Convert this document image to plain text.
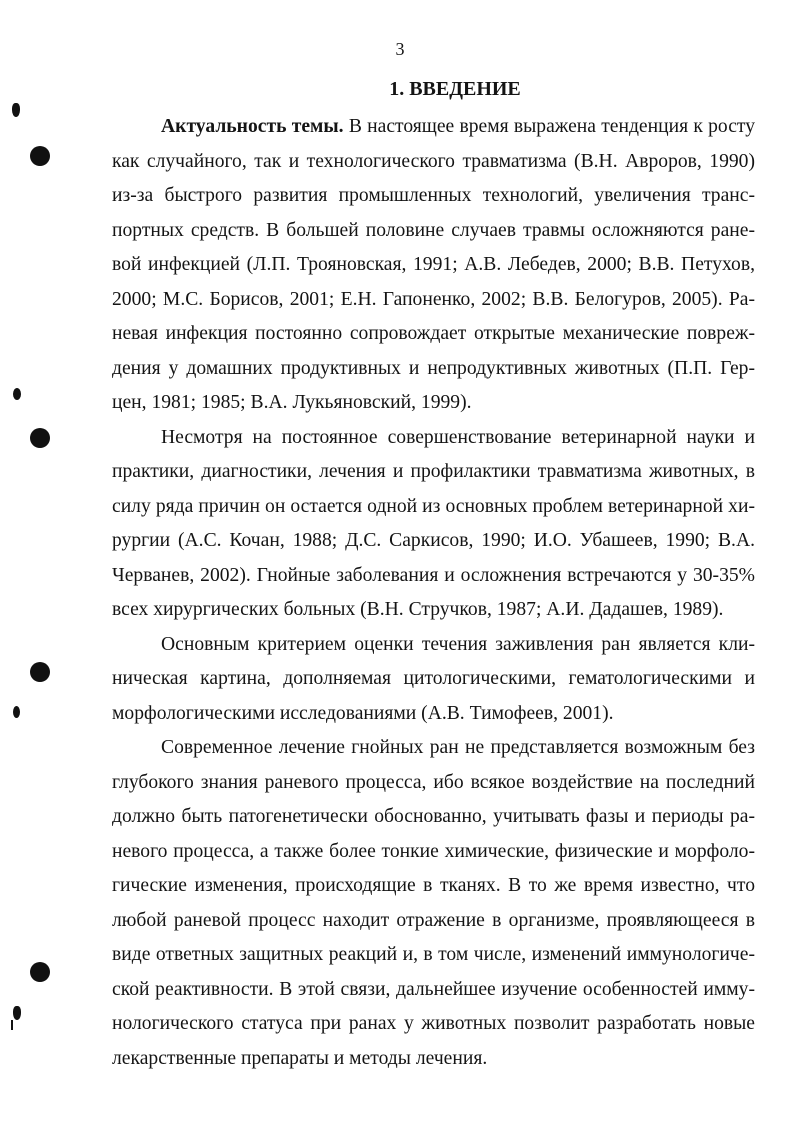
3
1. ВВЕДЕНИЕ

Актуальность темы. В настоящее время выражена тенденция к росту как случайного, так и технологического травматизма (В.Н. Авроров, 1990) из-за быстрого развития промышленных технологий, увеличения транспортных средств. В большей половине случаев травмы осложняются раневой инфекцией (Л.П. Трояновская, 1991; А.В. Лебедев, 2000; В.В. Петухов, 2000; М.С. Борисов, 2001; Е.Н. Гапоненко, 2002; В.В. Белогуров, 2005). Раневая инфекция постоянно сопровождает открытые механические повреждения у домашних продуктивных и непродуктивных животных (П.П. Герцен, 1981; 1985; В.А. Лукьяновский, 1999).

Несмотря на постоянное совершенствование ветеринарной науки и практики, диагностики, лечения и профилактики травматизма животных, в силу ряда причин он остается одной из основных проблем ветеринарной хирургии (А.С. Кочан, 1988; Д.С. Саркисов, 1990; И.О. Убашеев, 1990; В.А. Черванев, 2002). Гнойные заболевания и осложнения встречаются у 30-35% всех хирургических больных (В.Н. Стручков, 1987; А.И. Дадашев, 1989).

Основным критерием оценки течения заживления ран является клиническая картина, дополняемая цитологическими, гематологическими и морфологическими исследованиями (А.В. Тимофеев, 2001).

Современное лечение гнойных ран не представляется возможным без глубокого знания раневого процесса, ибо всякое воздействие на последний должно быть патогенетически обоснованно, учитывать фазы и периоды раневого процесса, а также более тонкие химические, физические и морфологические изменения, происходящие в тканях. В то же время известно, что любой раневой процесс находит отражение в организме, проявляющееся в виде ответных защитных реакций и, в том числе, изменений иммунологической реактивности. В этой связи, дальнейшее изучение особенностей иммунологического статуса при ранах у животных позволит разработать новые лекарственные препараты и методы лечения.
